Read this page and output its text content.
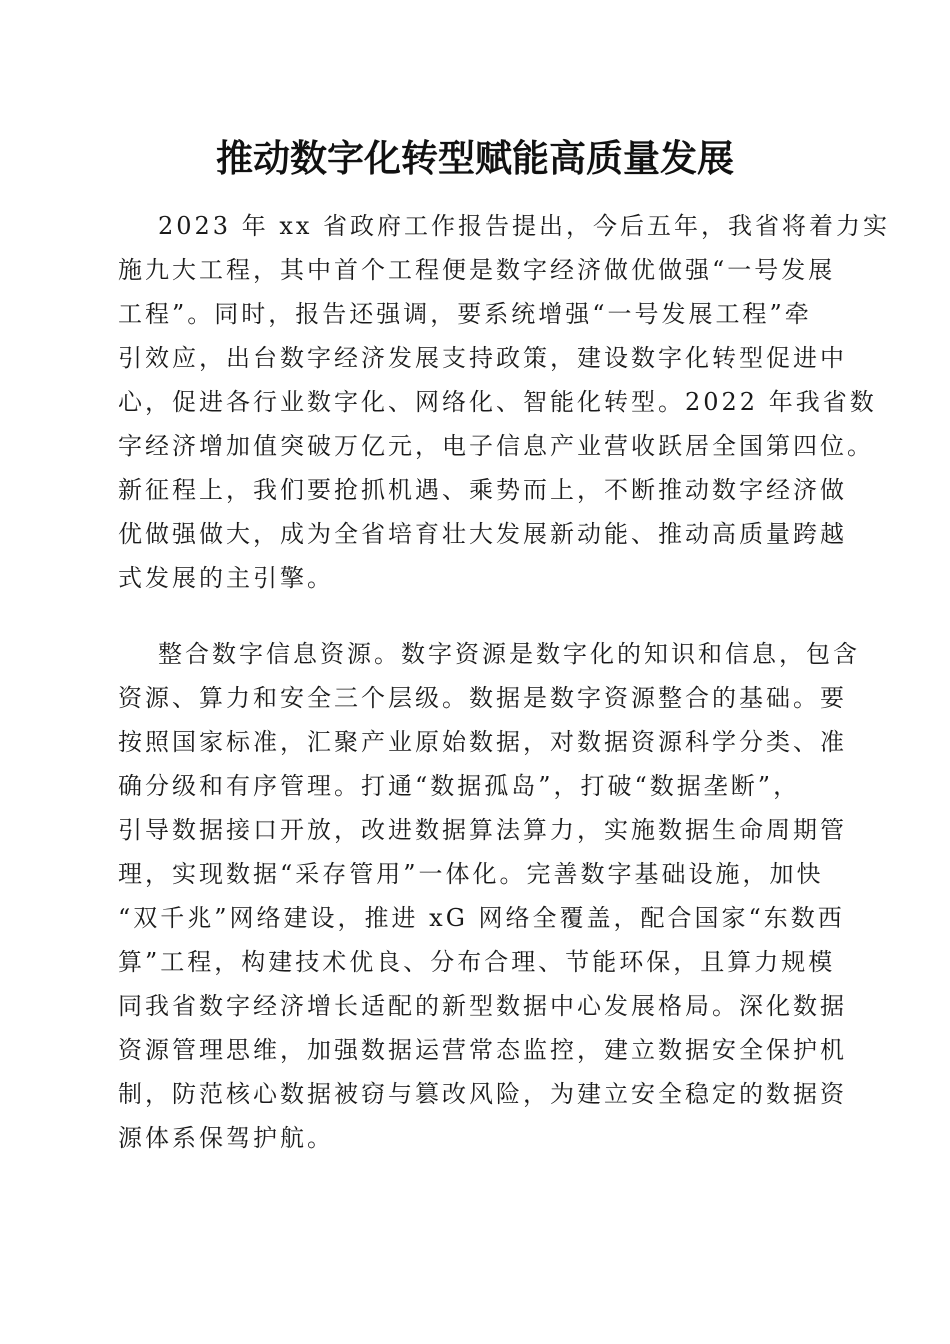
推动数字化转型赋能高质量发展

2023 年 xx 省政府工作报告提出，今后五年，我省将着力实
施九大工程，其中首个工程便是数字经济做优做强“一号发展
工程”。同时，报告还强调，要系统增强“一号发展工程”牵
引效应，出台数字经济发展支持政策，建设数字化转型促进中
心，促进各行业数字化、网络化、智能化转型。2022 年我省数
字经济增加值突破万亿元，电子信息产业营收跃居全国第四位。
新征程上，我们要抢抓机遇、乘势而上，不断推动数字经济做
优做强做大，成为全省培育壮大发展新动能、推动高质量跨越
式发展的主引擎。

整合数字信息资源。数字资源是数字化的知识和信息，包含
资源、算力和安全三个层级。数据是数字资源整合的基础。要
按照国家标准，汇聚产业原始数据，对数据资源科学分类、准
确分级和有序管理。打通“数据孤岛”，打破“数据垄断”，
引导数据接口开放，改进数据算法算力，实施数据生命周期管
理，实现数据“采存管用”一体化。完善数字基础设施，加快
“双千兆”网络建设，推进 xG 网络全覆盖，配合国家“东数西
算”工程，构建技术优良、分布合理、节能环保，且算力规模
同我省数字经济增长适配的新型数据中心发展格局。深化数据
资源管理思维，加强数据运营常态监控，建立数据安全保护机
制，防范核心数据被窃与篡改风险，为建立安全稳定的数据资
源体系保驾护航。
